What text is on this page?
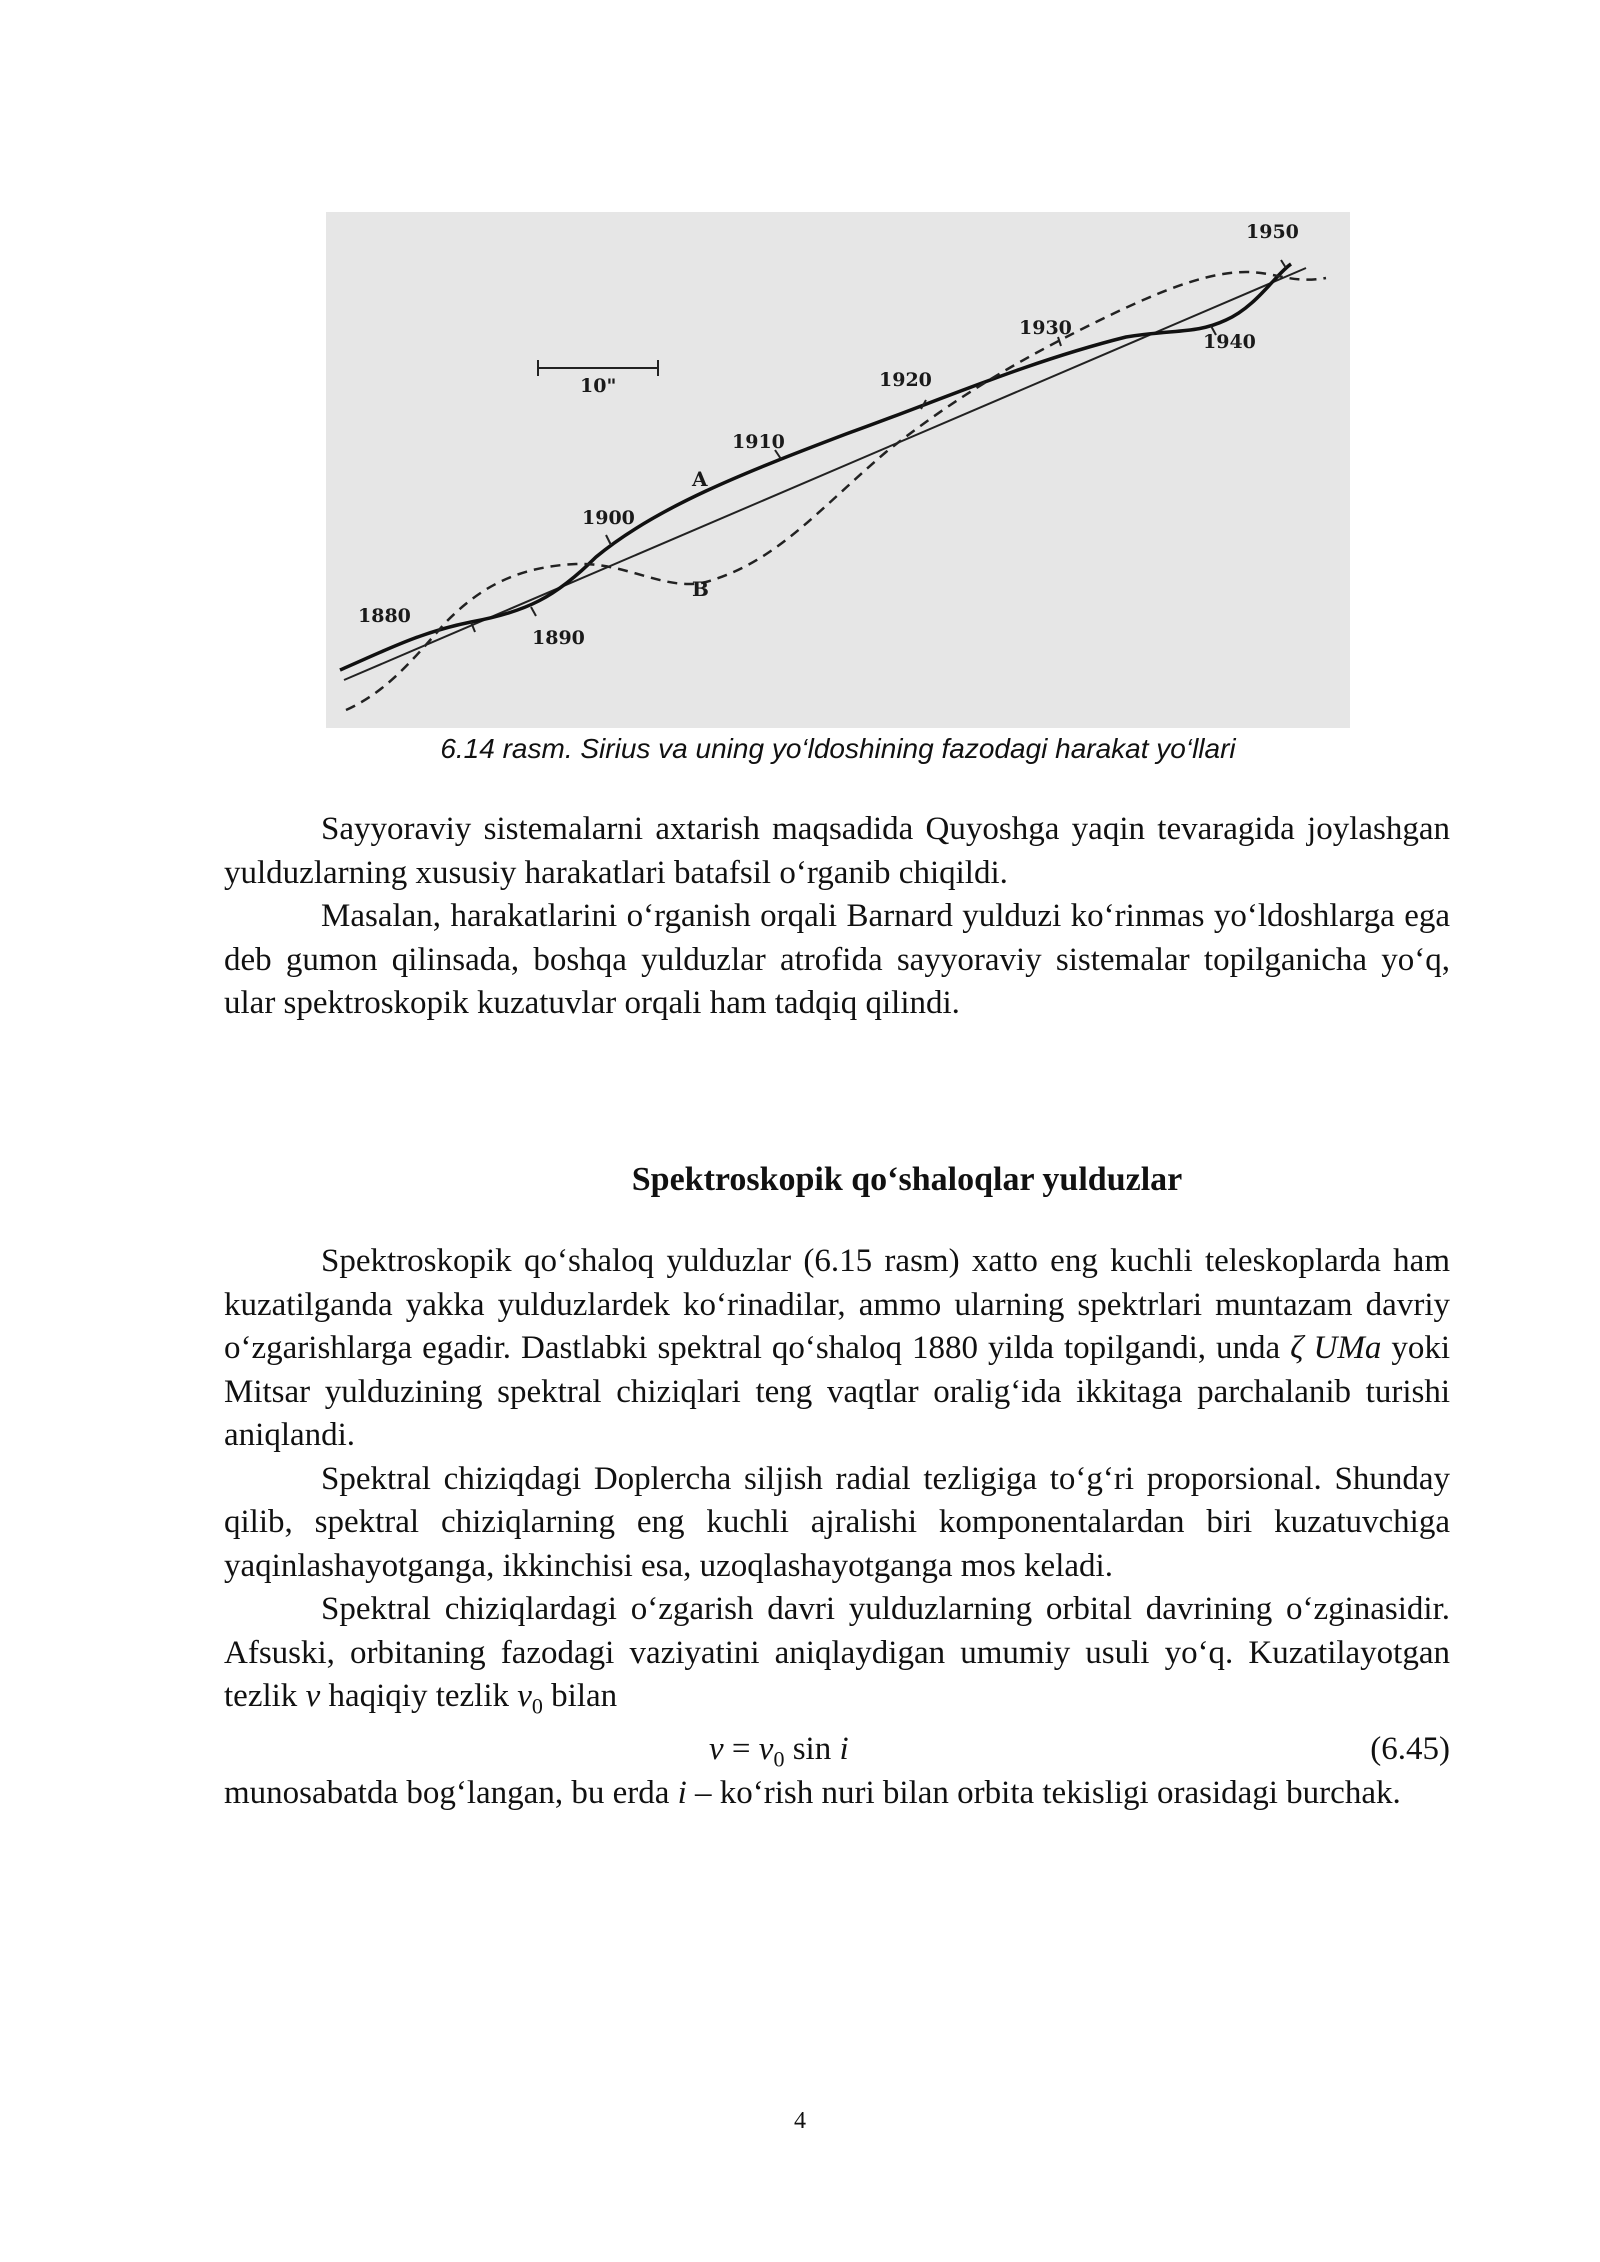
10"
1880
1890
1900
1910
1920
1930
1940
1950
A
B
6.14 rasm. Sirius va uning yo‘ldoshining fazodagi harakat yo‘llari

Sayyoraviy sistemalarni axtarish maqsadida Quyoshga yaqin tevaragida joylashgan yulduzlarning xususiy harakatlari batafsil o‘rganib chiqildi.

Masalan, harakatlarini o‘rganish orqali Barnard yulduzi ko‘rinmas yo‘ldoshlarga ega deb gumon qilinsada, boshqa yulduzlar atrofida sayyoraviy sistemalar topilganicha yo‘q, ular spektroskopik kuzatuvlar orqali ham tadqiq qilindi.

Spektroskopik qo‘shaloqlar yulduzlar

Spektroskopik qo‘shaloq yulduzlar (6.15 rasm) xatto eng kuchli teleskoplarda ham kuzatilganda yakka yulduzlardek ko‘rinadilar, ammo ularning spektrlari muntazam davriy o‘zgarishlarga egadir. Dastlabki spektral qo‘shaloq 1880 yilda topilgandi, unda ζ UMa yoki Mitsar yulduzining spektral chiziqlari teng vaqtlar oralig‘ida ikkitaga parchalanib turishi aniqlandi.

Spektral chiziqdagi Doplercha siljish radial tezligiga to‘g‘ri proporsional. Shunday qilib, spektral chiziqlarning eng kuchli ajralishi komponentalardan biri kuzatuvchiga yaqinlashayotganga, ikkinchisi esa, uzoqlashayotganga mos keladi.

Spektral chiziqlardagi o‘zgarish davri yulduzlarning orbital davrining o‘zginasidir. Afsuski, orbitaning fazodagi vaziyatini aniqlaydigan umumiy usuli yo‘q. Kuzatilayotgan tezlik v haqiqiy tezlik $v_0$ bilan

$v = v_0$ sin i	(6.45)

munosabatda bog‘langan, bu erda i – ko‘rish nuri bilan orbita tekisligi orasidagi burchak.

4
